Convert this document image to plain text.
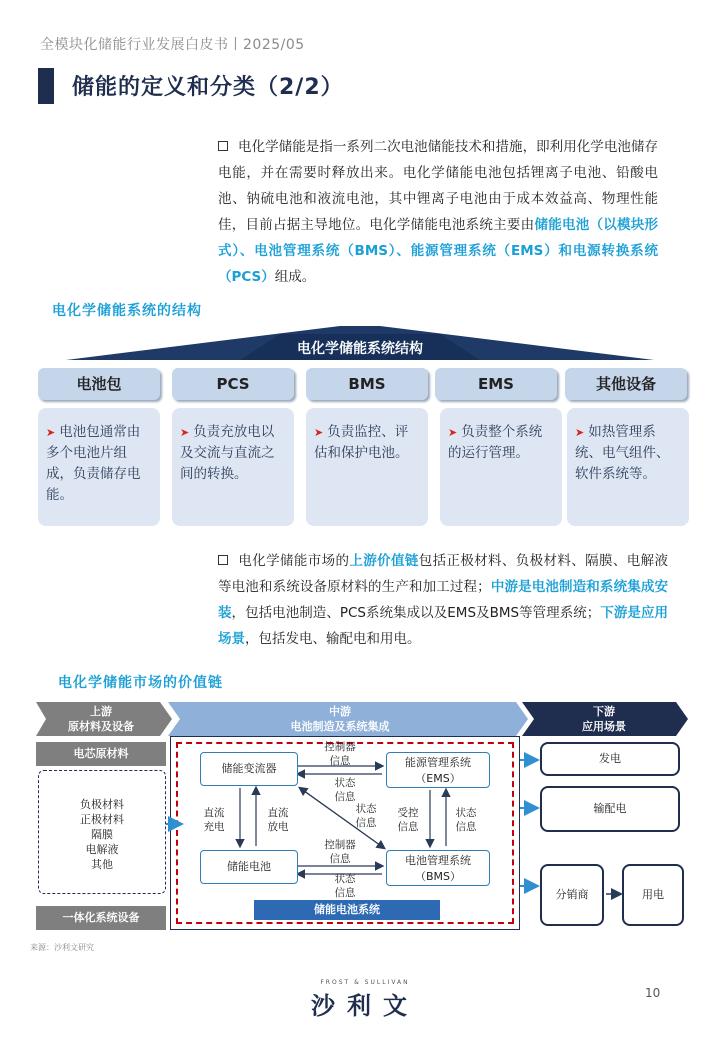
全模块化储能行业发展白皮书丨2025/05
储能的定义和分类（2/2）
电化学储能是指一系列二次电池储能技术和措施，即利用化学电池储存电能，并在需要时释放出来。电化学储能电池包括锂离子电池、铅酸电池、钠硫电池和液流电池，其中锂离子电池由于成本效益高、物理性能佳，目前占据主导地位。电化学储能电池系统主要由储能电池（以模块形式）、电池管理系统（BMS）、能源管理系统（EMS）和电源转换系统（PCS）组成。
电化学储能系统的结构
电化学储能系统结构
电池包	PCS	BMS	EMS	其他设备
➤ 电池包通常由多个电池片组成，负责储存电能。
➤ 负责充放电以及交流与直流之间的转换。
➤ 负责监控、评估和保护电池。
➤ 负责整个系统的运行管理。
➤ 如热管理系统、电气组件、软件系统等。
电化学储能市场的上游价值链包括正极材料、负极材料、隔膜、电解液等电池和系统设备原材料的生产和加工过程；中游是电池制造和系统集成安装，包括电池制造、PCS系统集成以及EMS及BMS等管理系统；下游是应用场景，包括发电、输配电和用电。
电化学储能市场的价值链
上游
原材料及设备
中游
电池制造及系统集成
下游
应用场景
电芯原材料
负极材料
正极材料
隔膜
电解液
其他
一体化系统设备
储能变流器	能源管理系统
（EMS）
储能电池	电池管理系统
（BMS）
控制器信息
状态信息
直流充电
直流放电
状态信息
受控信息
状态信息
控制器信息
状态信息
储能电池系统
发电
输配电
分销商	用电
来源：沙利文研究
FROST & SULLIVAN
沙利文	10
